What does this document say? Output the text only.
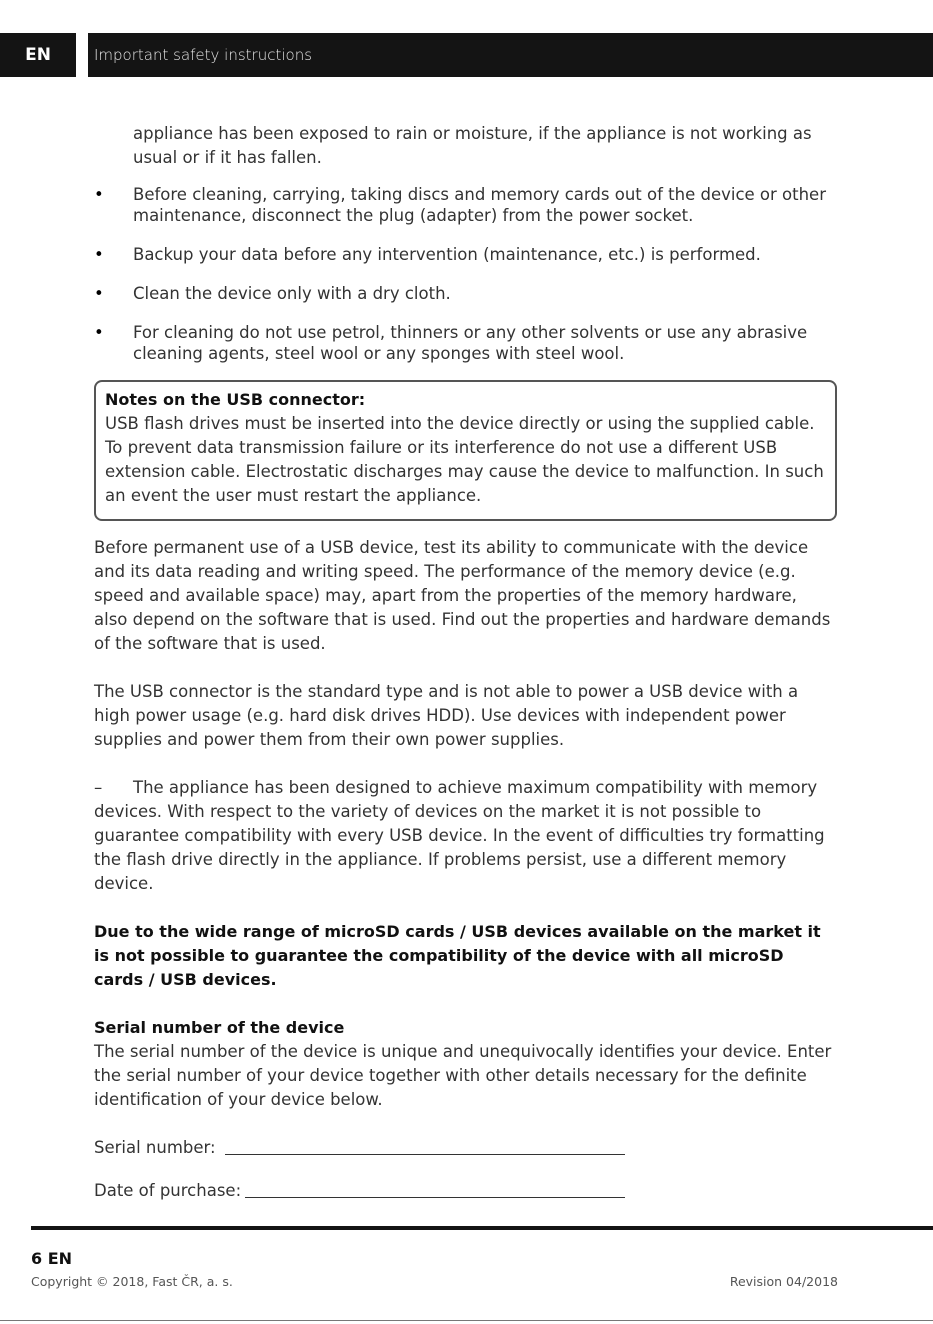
EN	Important safety instructions
appliance has been exposed to rain or moisture, if the appliance is not working as usual or if it has fallen.
• Before cleaning, carrying, taking discs and memory cards out of the device or other maintenance, disconnect the plug (adapter) from the power socket.
• Backup your data before any intervention (maintenance, etc.) is performed.
• Clean the device only with a dry cloth.
• For cleaning do not use petrol, thinners or any other solvents or use any abrasive cleaning agents, steel wool or any sponges with steel wool.
Notes on the USB connector:
USB flash drives must be inserted into the device directly or using the supplied cable. To prevent data transmission failure or its interference do not use a different USB extension cable. Electrostatic discharges may cause the device to malfunction. In such an event the user must restart the appliance.
Before permanent use of a USB device, test its ability to communicate with the device and its data reading and writing speed. The performance of the memory device (e.g. speed and available space) may, apart from the properties of the memory hardware, also depend on the software that is used. Find out the properties and hardware demands of the software that is used.
The USB connector is the standard type and is not able to power a USB device with a high power usage (e.g. hard disk drives HDD). Use devices with independent power supplies and power them from their own power supplies.
– The appliance has been designed to achieve maximum compatibility with memory devices. With respect to the variety of devices on the market it is not possible to guarantee compatibility with every USB device. In the event of difficulties try formatting the flash drive directly in the appliance. If problems persist, use a different memory device.
Due to the wide range of microSD cards / USB devices available on the market it is not possible to guarantee the compatibility of the device with all microSD cards / USB devices.
Serial number of the device
The serial number of the device is unique and unequivocally identifies your device. Enter the serial number of your device together with other details necessary for the definite identification of your device below.
Serial number:
Date of purchase:
6 EN
Copyright © 2018, Fast ČR, a. s.	Revision 04/2018
